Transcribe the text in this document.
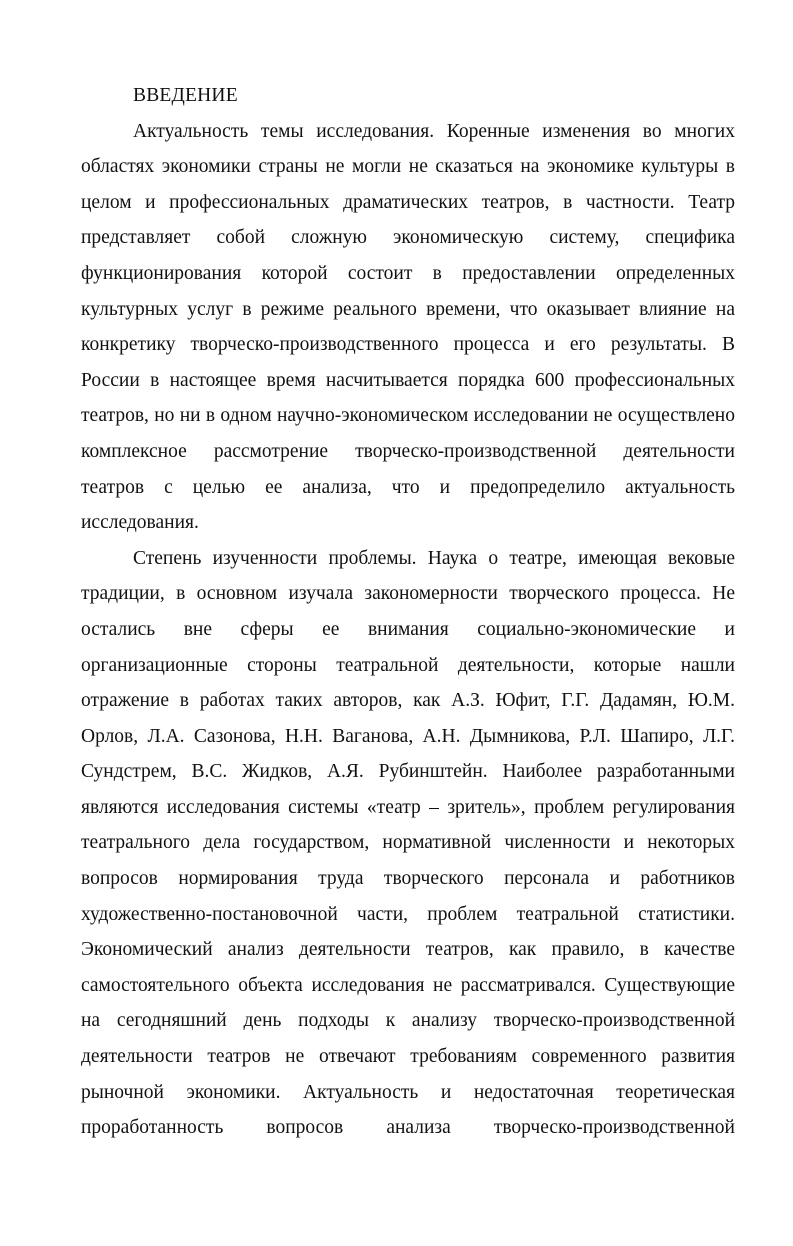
ВВЕДЕНИЕ

Актуальность темы исследования. Коренные изменения во многих областях экономики страны не могли не сказаться на экономике культуры в целом и профессиональных драматических театров, в частности. Театр представляет собой сложную экономическую систему, специфика функционирования которой состоит в предоставлении определенных культурных услуг в режиме реального времени, что оказывает влияние на конкретику творческо-производственного процесса и его результаты. В России в настоящее время насчитывается порядка 600 профессиональных театров, но ни в одном научно-экономическом исследовании не осуществлено комплексное рассмотрение творческо-производственной деятельности театров с целью ее анализа, что и предопределило актуальность исследования.

Степень изученности проблемы. Наука о театре, имеющая вековые традиции, в основном изучала закономерности творческого процесса. Не остались вне сферы ее внимания социально-экономические и организационные стороны театральной деятельности, которые нашли отражение в работах таких авторов, как А.З. Юфит, Г.Г. Дадамян, Ю.М. Орлов, Л.А. Сазонова, Н.Н. Ваганова, А.Н. Дымникова, Р.Л. Шапиро, Л.Г. Сундстрем, В.С. Жидков, А.Я. Рубинштейн. Наиболее разработанными являются исследования системы «театр – зритель», проблем регулирования театрального дела государством, нормативной численности и некоторых вопросов нормирования труда творческого персонала и работников художественно-постановочной части, проблем театральной статистики. Экономический анализ деятельности театров, как правило, в качестве самостоятельного объекта исследования не рассматривался. Существующие на сегодняшний день подходы к анализу творческо-производственной деятельности театров не отвечают требованиям современного развития рыночной экономики. Актуальность и недостаточная теоретическая проработанность вопросов анализа творческо-производственной
